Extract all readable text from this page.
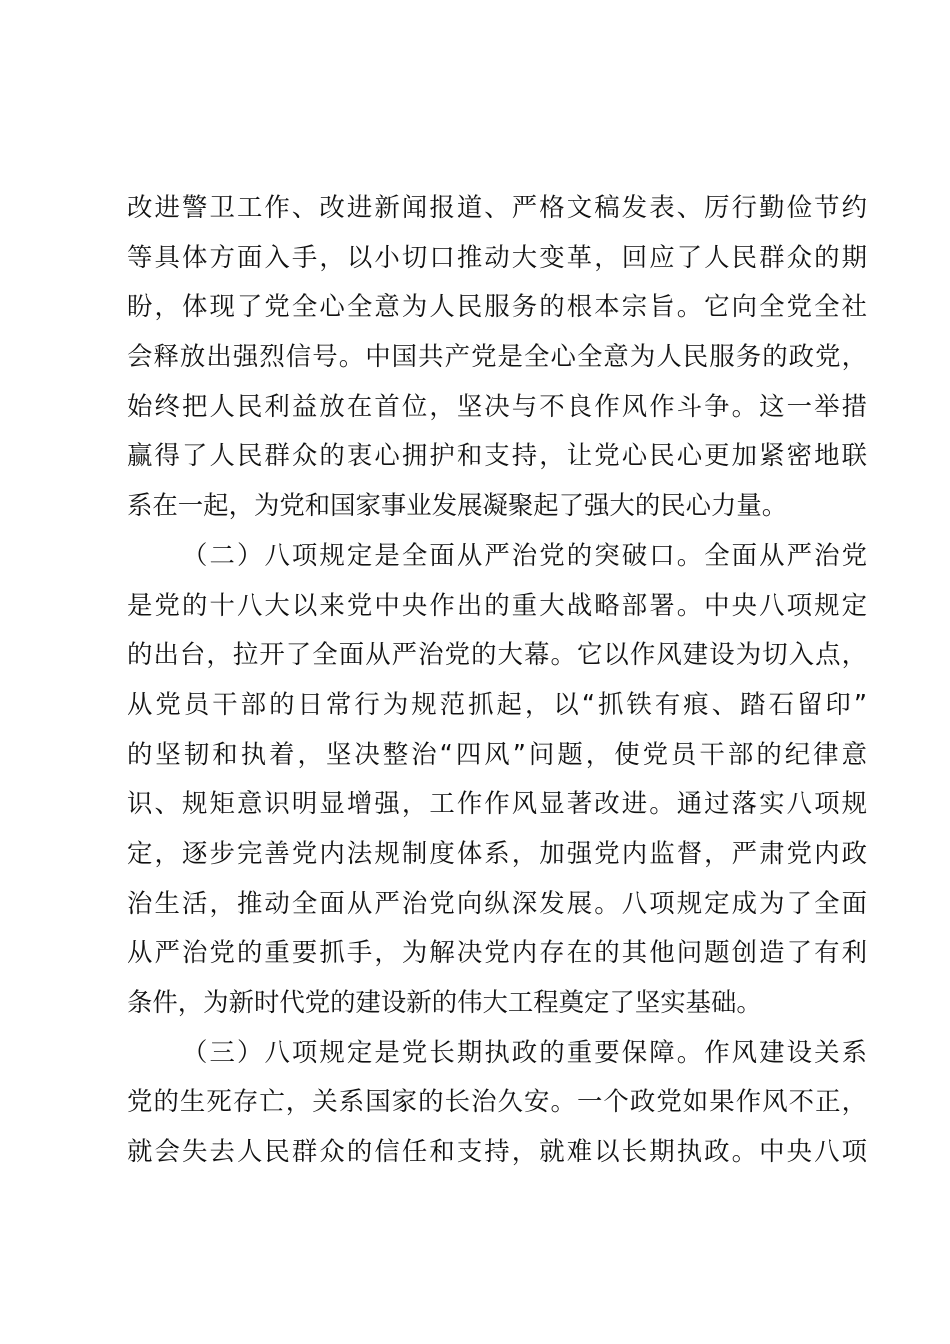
改进警卫工作、改进新闻报道、严格文稿发表、厉行勤俭节约
等具体方面入手，以小切口推动大变革，回应了人民群众的期
盼，体现了党全心全意为人民服务的根本宗旨。它向全党全社
会释放出强烈信号。中国共产党是全心全意为人民服务的政党，
始终把人民利益放在首位，坚决与不良作风作斗争。这一举措
赢得了人民群众的衷心拥护和支持，让党心民心更加紧密地联
系在一起，为党和国家事业发展凝聚起了强大的民心力量。
（二）八项规定是全面从严治党的突破口。全面从严治党
是党的十八大以来党中央作出的重大战略部署。中央八项规定
的出台，拉开了全面从严治党的大幕。它以作风建设为切入点，
从党员干部的日常行为规范抓起，以“抓铁有痕、踏石留印”
的坚韧和执着，坚决整治“四风”问题，使党员干部的纪律意
识、规矩意识明显增强，工作作风显著改进。通过落实八项规
定，逐步完善党内法规制度体系，加强党内监督，严肃党内政
治生活，推动全面从严治党向纵深发展。八项规定成为了全面
从严治党的重要抓手，为解决党内存在的其他问题创造了有利
条件，为新时代党的建设新的伟大工程奠定了坚实基础。
（三）八项规定是党长期执政的重要保障。作风建设关系
党的生死存亡，关系国家的长治久安。一个政党如果作风不正，
就会失去人民群众的信任和支持，就难以长期执政。中央八项
